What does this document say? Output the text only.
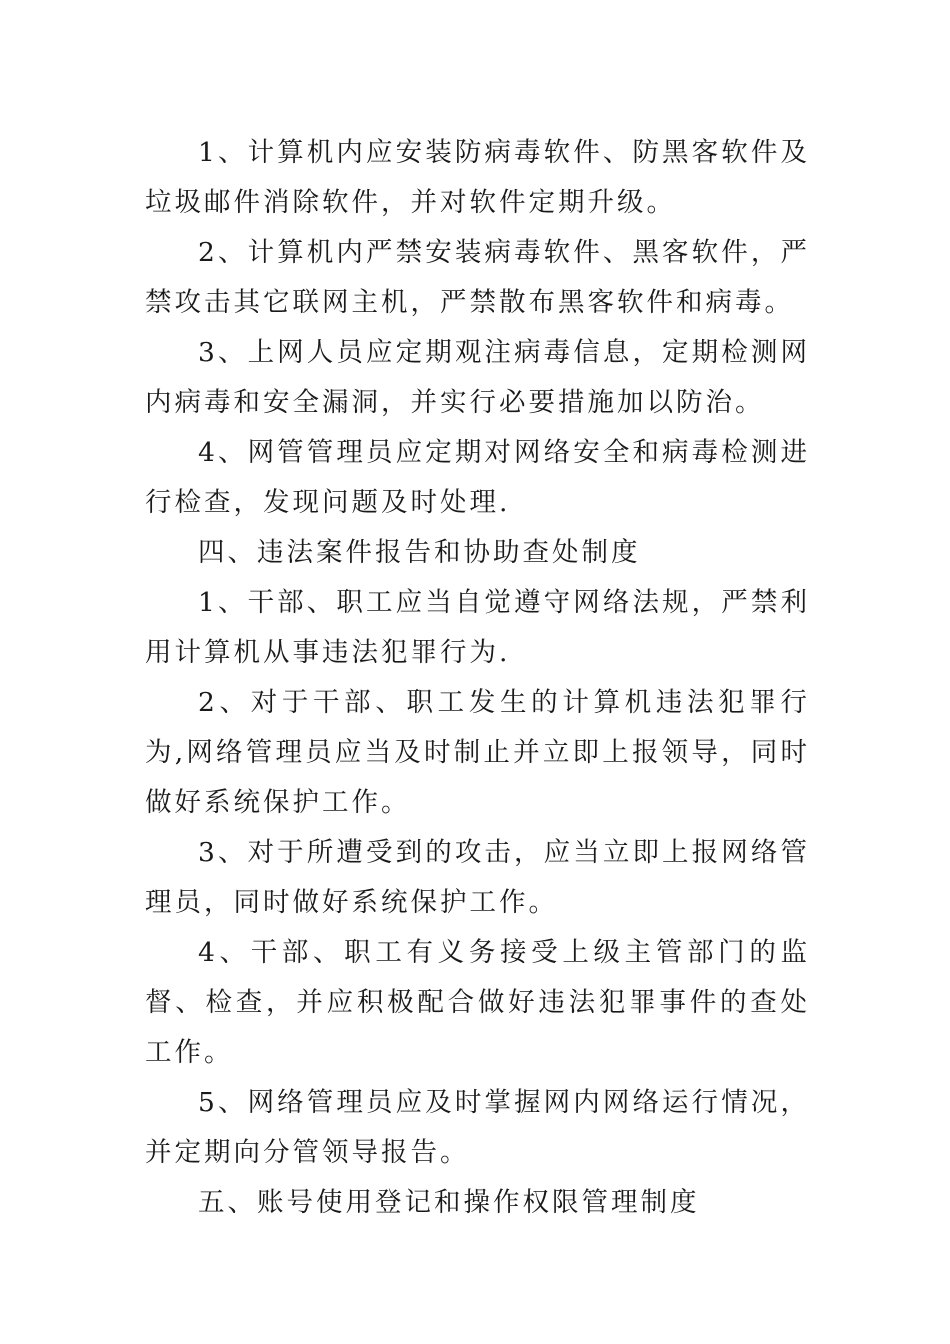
1、计算机内应安装防病毒软件、防黑客软件及垃圾邮件消除软件，并对软件定期升级。

2、计算机内严禁安装病毒软件、黑客软件，严禁攻击其它联网主机，严禁散布黑客软件和病毒。

3、上网人员应定期观注病毒信息，定期检测网内病毒和安全漏洞，并实行必要措施加以防治。

4、网管管理员应定期对网络安全和病毒检测进行检查，发现问题及时处理.

四、违法案件报告和协助查处制度

1、干部、职工应当自觉遵守网络法规，严禁利用计算机从事违法犯罪行为.

2、对于干部、职工发生的计算机违法犯罪行为,网络管理员应当及时制止并立即上报领导，同时做好系统保护工作。

3、对于所遭受到的攻击，应当立即上报网络管理员，同时做好系统保护工作。

4、干部、职工有义务接受上级主管部门的监督、检查，并应积极配合做好违法犯罪事件的查处工作。

5、网络管理员应及时掌握网内网络运行情况，并定期向分管领导报告。

五、账号使用登记和操作权限管理制度
